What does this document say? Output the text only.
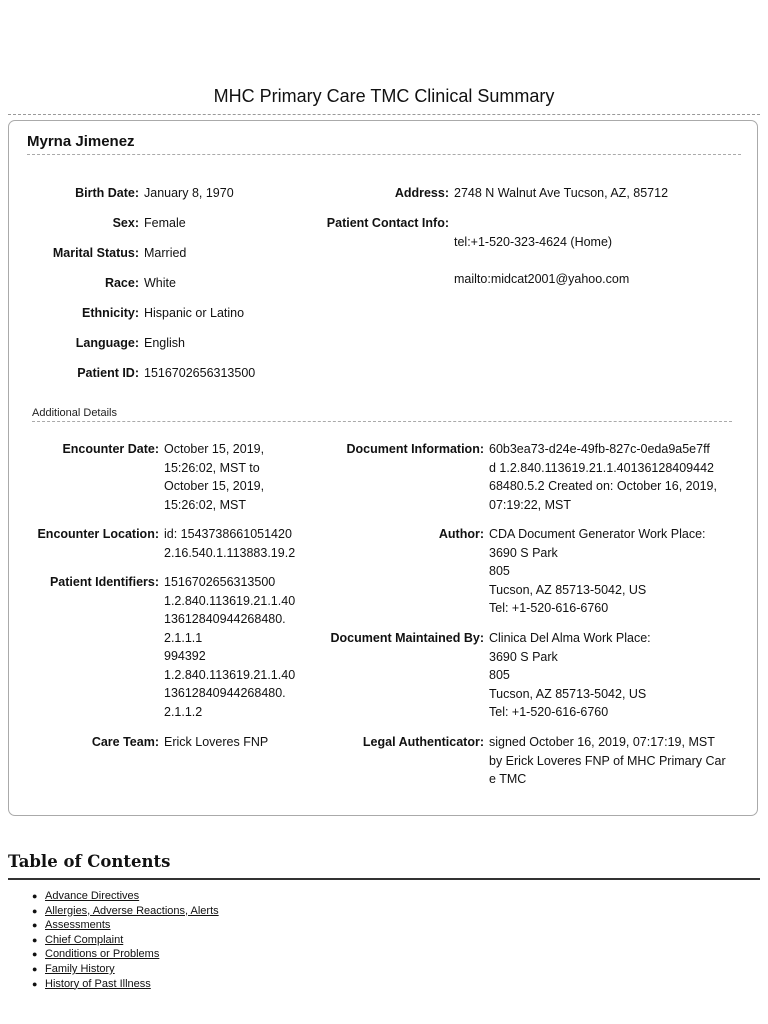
MHC Primary Care TMC Clinical Summary
Myrna Jimenez
Birth Date: January 8, 1970
Sex: Female
Marital Status: Married
Race: White
Ethnicity: Hispanic or Latino
Language: English
Patient ID: 1516702656313500
Address: 2748 N Walnut Ave Tucson, AZ, 85712
Patient Contact Info:

tel:+1-520-323-4624 (Home)

mailto:midcat2001@yahoo.com

Additional Details
Encounter Date: October 15, 2019,
15:26:02, MST to
October 15, 2019,
15:26:02, MST
Encounter Location: id: 1543738661051420
2.16.540.1.113883.19.2
Patient Identifiers: 1516702656313500
1.2.840.113619.21.1.40
13612840944268480.
2.1.1.1
994392
1.2.840.113619.21.1.40
13612840944268480.
2.1.1.2
Care Team: Erick Loveres FNP
Document Information: 60b3ea73-d24e-49fb-827c-0eda9a5e7ff
d 1.2.840.113619.21.1.40136128409442
68480.5.2 Created on: October 16, 2019,
07:19:22, MST
Author: CDA Document Generator Work Place:
3690 S Park
805
Tucson, AZ 85713-5042, US
Tel: +1-520-616-6760
Document Maintained By: Clinica Del Alma Work Place:
3690 S Park
805
Tucson, AZ 85713-5042, US
Tel: +1-520-616-6760
Legal Authenticator: signed October 16, 2019, 07:17:19, MST
by Erick Loveres FNP of MHC Primary Car
e TMC
Table of Contents
● Advance Directives
● Allergies, Adverse Reactions, Alerts
● Assessments
● Chief Complaint
● Conditions or Problems
● Family History
● History of Past Illness
